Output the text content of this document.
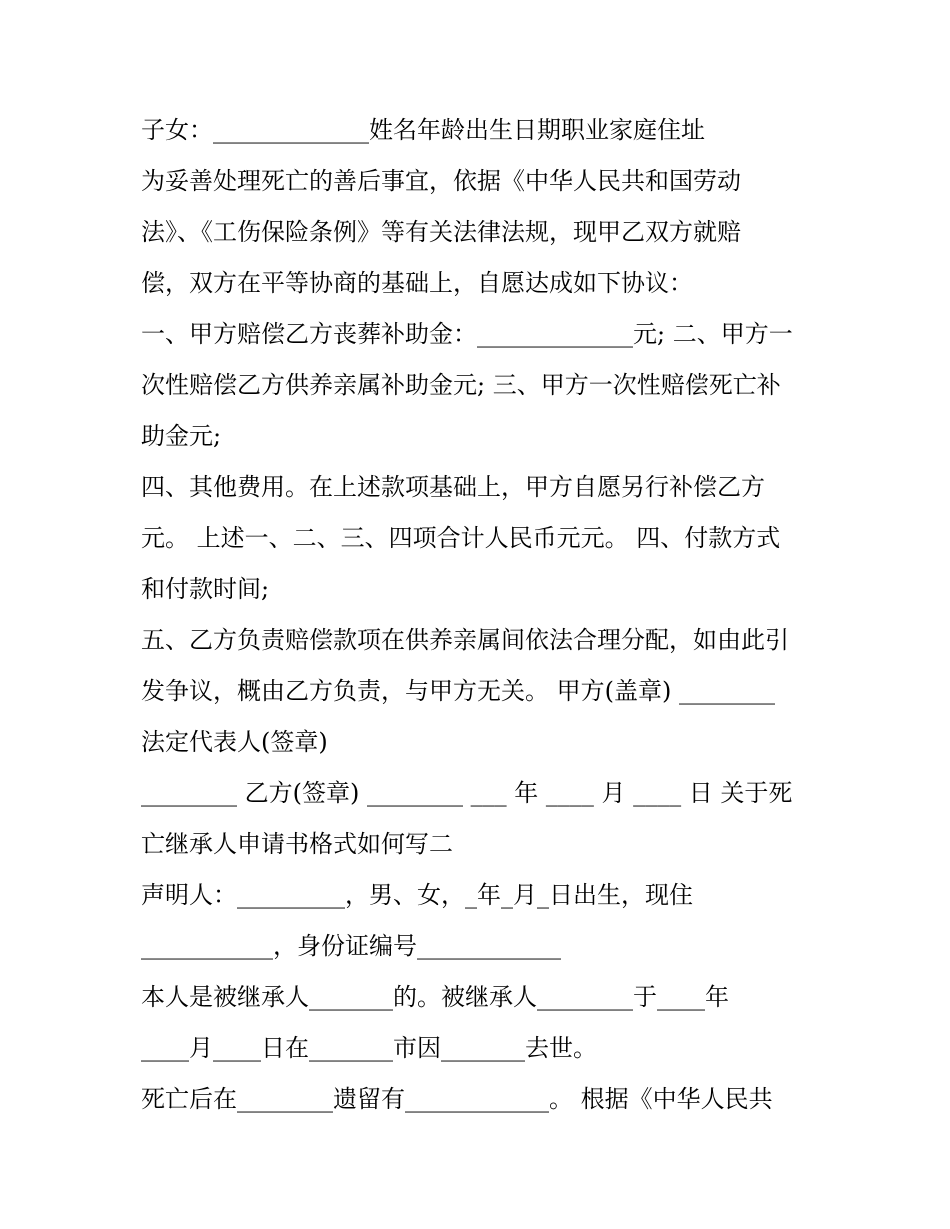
子女：_____________姓名年龄出生日期职业家庭住址
为妥善处理死亡的善后事宜，依据《中华人民共和国劳动
法》、《工伤保险条例》等有关法律法规，现甲乙双方就赔
偿，双方在平等协商的基础上，自愿达成如下协议：
一、甲方赔偿乙方丧葬补助金：_____________元; 二、甲方一
次性赔偿乙方供养亲属补助金元; 三、甲方一次性赔偿死亡补
助金元;
四、其他费用。在上述款项基础上，甲方自愿另行补偿乙方
元。 上述一、二、三、四项合计人民币元元。 四、付款方式
和付款时间;
五、乙方负责赔偿款项在供养亲属间依法合理分配，如由此引
发争议，概由乙方负责，与甲方无关。 甲方(盖章) ________
法定代表人(签章)
________ 乙方(签章) ________ ___ 年 ____ 月 ____ 日 关于死
亡继承人申请书格式如何写二
声明人：_________，男、女，_年_月_日出生，现住
___________，身份证编号____________
本人是被继承人_______的。被继承人________于____年
____月____日在_______市因_______去世。
死亡后在________遗留有____________。 根据《中华人民共
